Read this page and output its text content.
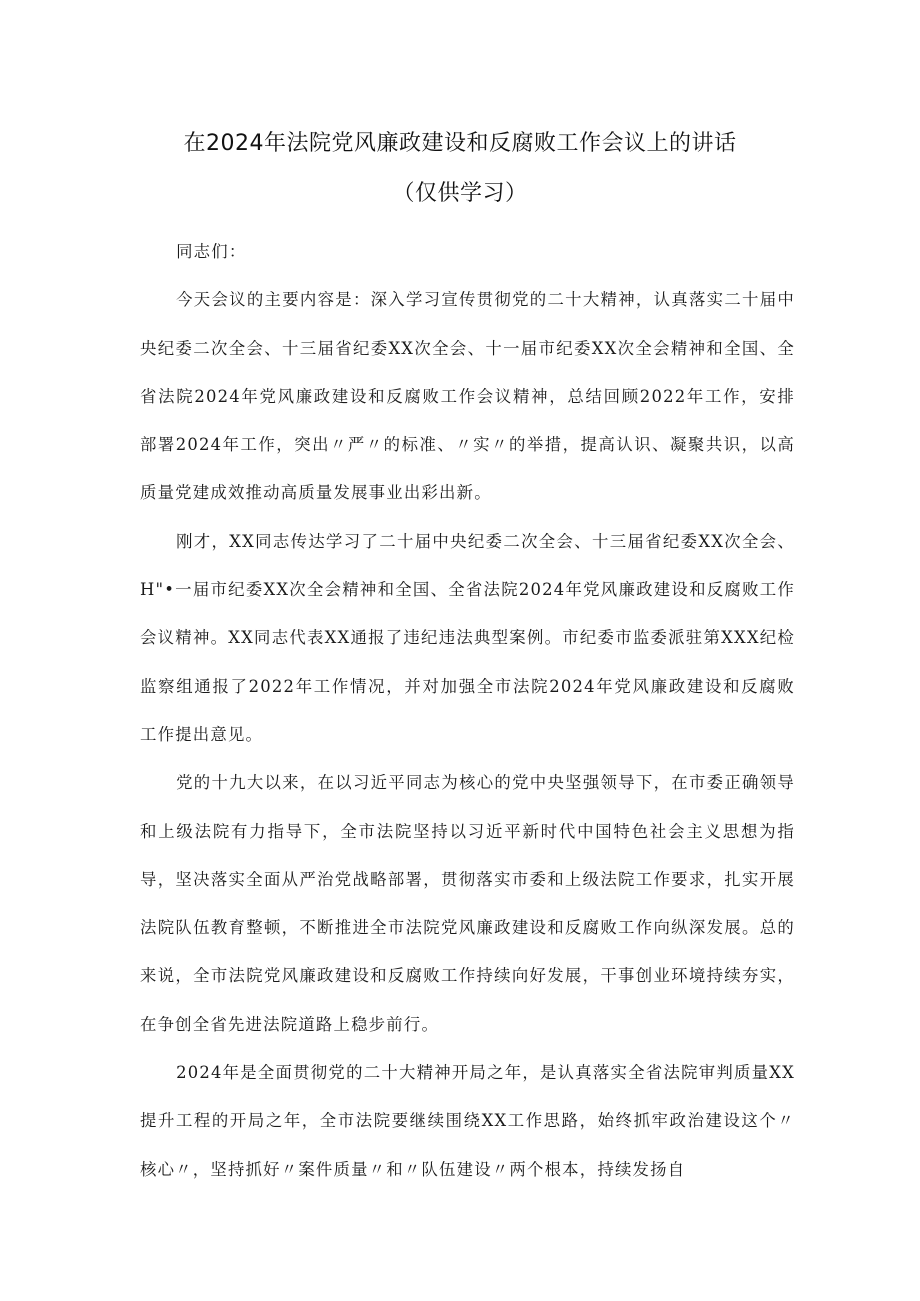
在2024年法院党风廉政建设和反腐败工作会议上的讲话
（仅供学习）

同志们：

今天会议的主要内容是：深入学习宣传贯彻党的二十大精神，认真落实二十届中央纪委二次全会、十三届省纪委XX次全会、十一届市纪委XX次全会精神和全国、全省法院2024年党风廉政建设和反腐败工作会议精神，总结回顾2022年工作，安排部署2024年工作，突出〃严〃的标准、〃实〃的举措，提高认识、凝聚共识，以高质量党建成效推动高质量发展事业出彩出新。

刚才，XX同志传达学习了二十届中央纪委二次全会、十三届省纪委XX次全会、H"•一届市纪委XX次全会精神和全国、全省法院2024年党风廉政建设和反腐败工作会议精神。XX同志代表XX通报了违纪违法典型案例。市纪委市监委派驻第XXX纪检监察组通报了2022年工作情况，并对加强全市法院2024年党风廉政建设和反腐败工作提出意见。

党的十九大以来，在以习近平同志为核心的党中央坚强领导下，在市委正确领导和上级法院有力指导下，全市法院坚持以习近平新时代中国特色社会主义思想为指导，坚决落实全面从严治党战略部署，贯彻落实市委和上级法院工作要求，扎实开展法院队伍教育整顿，不断推进全市法院党风廉政建设和反腐败工作向纵深发展。总的来说，全市法院党风廉政建设和反腐败工作持续向好发展，干事创业环境持续夯实，在争创全省先进法院道路上稳步前行。

2024年是全面贯彻党的二十大精神开局之年，是认真落实全省法院审判质量XX提升工程的开局之年，全市法院要继续围绕XX工作思路，始终抓牢政治建设这个〃核心〃，坚持抓好〃案件质量〃和〃队伍建设〃两个根本，持续发扬自
